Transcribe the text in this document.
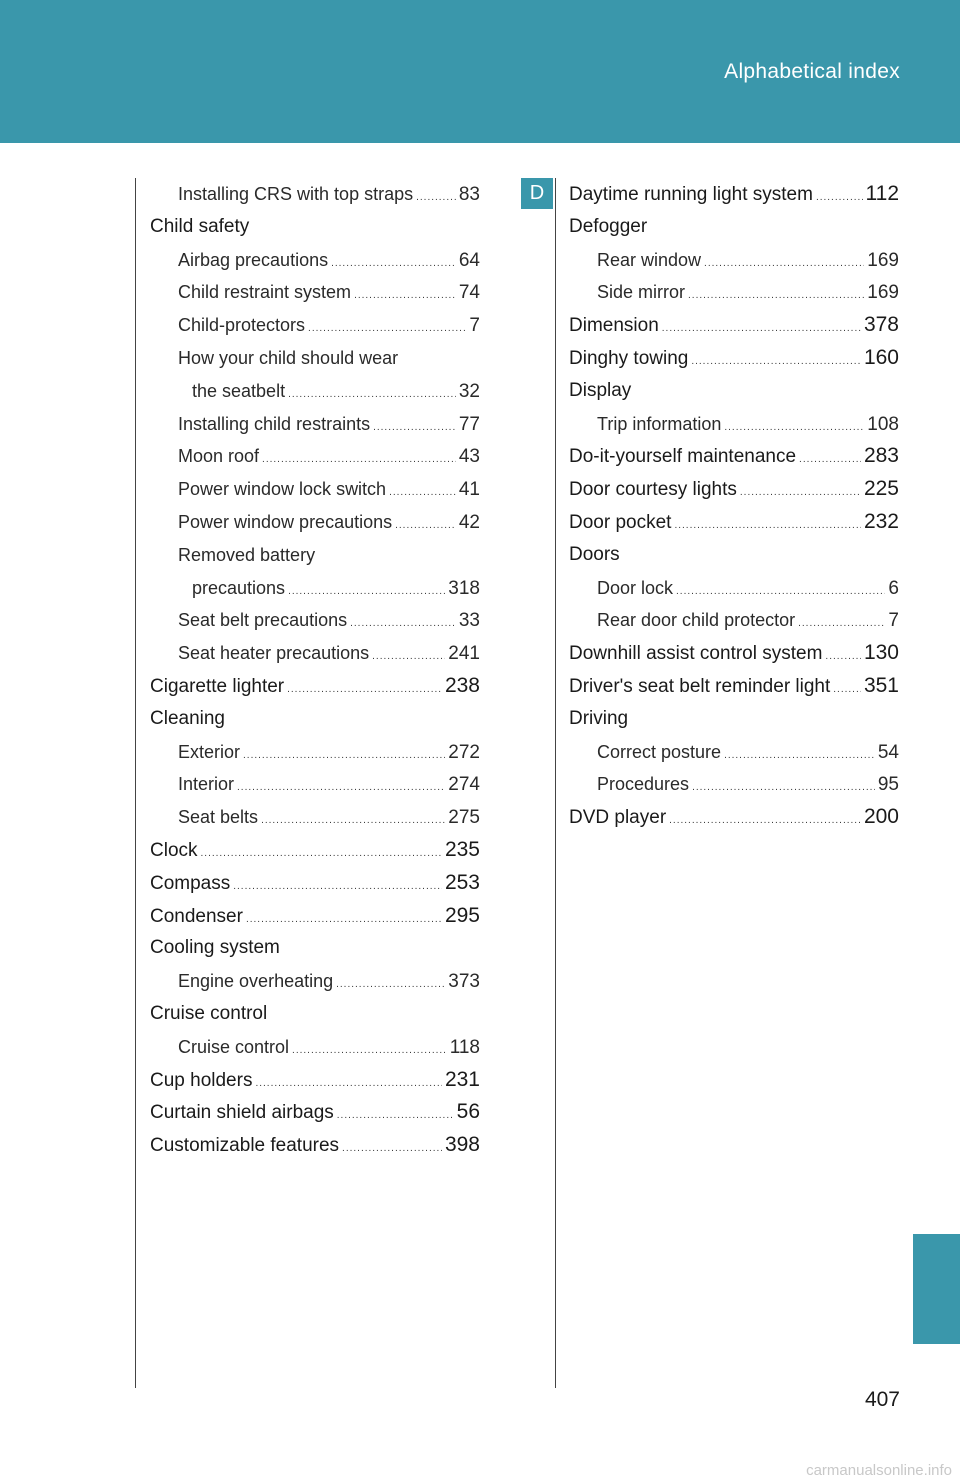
Alphabetical index
Installing CRS with top straps ..... 83
Child safety
Airbag precautions .....	64
Child restraint system .....	74
Child-protectors .....	7
How your child should wear
the seatbelt .....	32
Installing child restraints .....	77
Moon roof .....	43
Power window lock switch .....	41
Power window precautions .....	42
Removed battery
precautions .....	318
Seat belt precautions .....	33
Seat heater precautions .....	241
Cigarette lighter .....	238
Cleaning
Exterior .....	272
Interior .....	274
Seat belts .....	275
Clock .....	235
Compass .....	253
Condenser .....	295
Cooling system
Engine overheating .....	373
Cruise control
Cruise control .....	118
Cup holders .....	231
Curtain shield airbags .....	56
Customizable features .....	398
D	Daytime running light system .....	112
Defogger
Rear window .....	169
Side mirror .....	169
Dimension .....	378
Dinghy towing .....	160
Display
Trip information .....	108
Do-it-yourself maintenance .....	283
Door courtesy lights .....	225
Door pocket .....	232
Doors
Door lock .....	6
Rear door child protector .....	7
Downhill assist control system ..... 130
Driver's seat belt reminder light ..... 351
Driving
Correct posture .....	54
Procedures .....	95
DVD player .....	200
407
carmanualsonline.info
